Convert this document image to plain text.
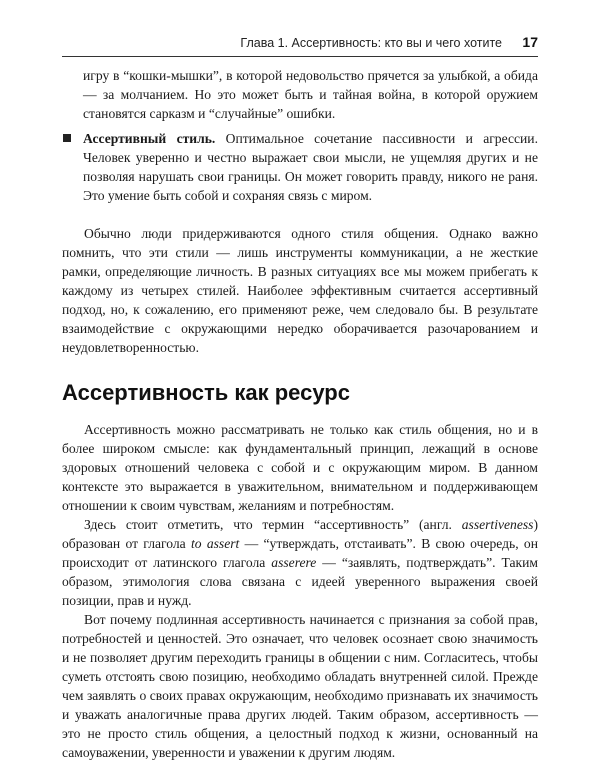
Глава 1. Ассертивность: кто вы и чего хотите 17

игру в “кошки-мышки”, в которой недовольство прячется за улыбкой, а обида — за молчанием. Но это может быть и тайная война, в которой оружием становятся сарказм и “случайные” ошибки.

Ассертивный стиль. Оптимальное сочетание пассивности и агрессии. Человек уверенно и честно выражает свои мысли, не ущемляя других и не позволяя нарушать свои границы. Он может говорить правду, никого не раня. Это умение быть собой и сохраняя связь с миром.

Обычно люди придерживаются одного стиля общения. Однако важно помнить, что эти стили — лишь инструменты коммуникации, а не жесткие рамки, определяющие личность. В разных ситуациях все мы можем прибегать к каждому из четырех стилей. Наиболее эффективным считается ассертивный подход, но, к сожалению, его применяют реже, чем следовало бы. В результате взаимодействие с окружающими нередко оборачивается разочарованием и неудовлетворенностью.

Ассертивность как ресурс

Ассертивность можно рассматривать не только как стиль общения, но и в более широком смысле: как фундаментальный принцип, лежащий в основе здоровых отношений человека с собой и с окружающим миром. В данном контексте это выражается в уважительном, внимательном и поддерживающем отношении к своим чувствам, желаниям и потребностям.

Здесь стоит отметить, что термин “ассертивность” (англ. assertiveness) образован от глагола to assert — “утверждать, отстаивать”. В свою очередь, он происходит от латинского глагола asserere — “заявлять, подтверждать”. Таким образом, этимология слова связана с идеей уверенного выражения своей позиции, прав и нужд.

Вот почему подлинная ассертивность начинается с признания за собой прав, потребностей и ценностей. Это означает, что человек осознает свою значимость и не позволяет другим переходить границы в общении с ним. Согласитесь, чтобы суметь отстоять свою позицию, необходимо обладать внутренней силой. Прежде чем заявлять о своих правах окружающим, необходимо признавать их значимость и уважать аналогичные права других людей. Таким образом, ассертивность — это не просто стиль общения, а целостный подход к жизни, основанный на самоуважении, уверенности и уважении к другим людям.
